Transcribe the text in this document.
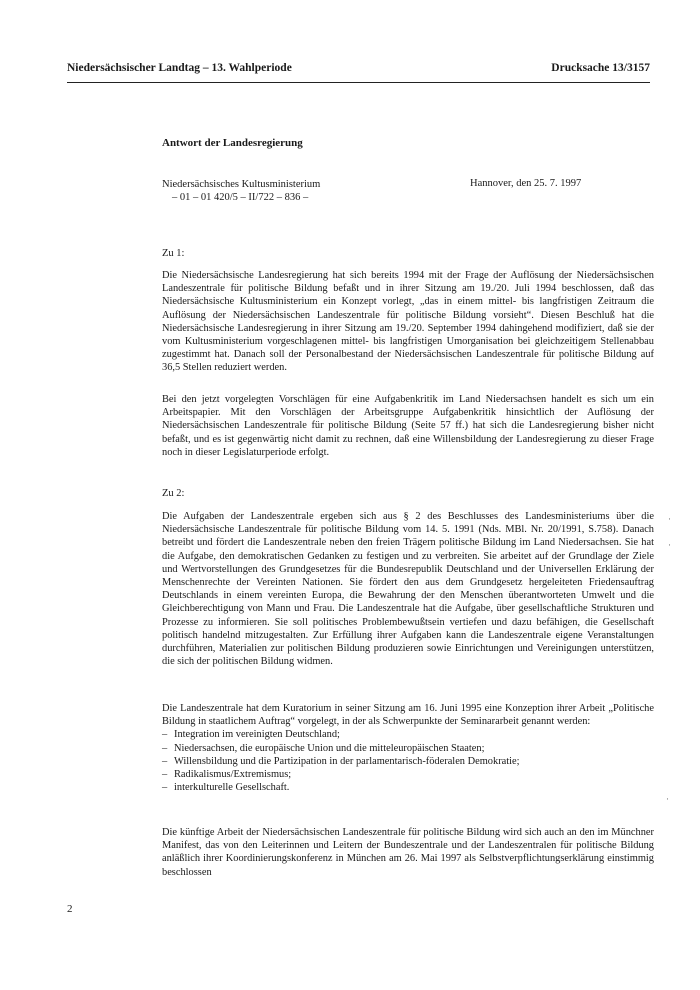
Niedersächsischer Landtag – 13. Wahlperiode	Drucksache 13/3157
Antwort der Landesregierung
Niedersächsisches Kultusministerium
– 01 – 01 420/5 – II/722 – 836 –
Hannover, den 25. 7. 1997
Zu 1:

Die Niedersächsische Landesregierung hat sich bereits 1994 mit der Frage der Auflösung der Niedersächsischen Landeszentrale für politische Bildung befaßt und in ihrer Sitzung am 19./20. Juli 1994 beschlossen, daß das Niedersächsische Kultusministerium ein Konzept vorlegt, „das in einem mittel- bis langfristigen Zeitraum die Auflösung der Niedersächsischen Landeszentrale für politische Bildung vorsieht“. Diesen Beschluß hat die Niedersächsische Landesregierung in ihrer Sitzung am 19./20. September 1994 dahingehend modifiziert, daß sie der vom Kultusministerium vorgeschlagenen mittel- bis langfristigen Umorganisation bei gleichzeitigem Stellenabbau zugestimmt hat. Danach soll der Personalbestand der Niedersächsischen Landeszentrale für politische Bildung auf 36,5 Stellen reduziert werden.

Bei den jetzt vorgelegten Vorschlägen für eine Aufgabenkritik im Land Niedersachsen handelt es sich um ein Arbeitspapier. Mit den Vorschlägen der Arbeitsgruppe Aufgabenkritik hinsichtlich der Auflösung der Niedersächsischen Landeszentrale für politische Bildung (Seite 57 ff.) hat sich die Landesregierung bisher nicht befaßt, und es ist gegenwärtig nicht damit zu rechnen, daß eine Willensbildung der Landesregierung zu dieser Frage noch in dieser Legislaturperiode erfolgt.

Zu 2:

Die Aufgaben der Landeszentrale ergeben sich aus § 2 des Beschlusses des Landesministeriums über die Niedersächsische Landeszentrale für politische Bildung vom 14. 5. 1991 (Nds. MBl. Nr. 20/1991, S.758). Danach betreibt und fördert die Landeszentrale neben den freien Trägern politische Bildung im Land Niedersachsen. Sie hat die Aufgabe, den demokratischen Gedanken zu festigen und zu verbreiten. Sie arbeitet auf der Grundlage der Ziele und Wertvorstellungen des Grundgesetzes für die Bundesrepublik Deutschland und der Universellen Erklärung der Menschenrechte der Vereinten Nationen. Sie fördert den aus dem Grundgesetz hergeleiteten Friedensauftrag Deutschlands in einem vereinten Europa, die Bewahrung der den Menschen überantworteten Umwelt und die Gleichberechtigung von Mann und Frau. Die Landeszentrale hat die Aufgabe, über gesellschaftliche Strukturen und Prozesse zu informieren. Sie soll politisches Problembewußtsein vertiefen und dazu befähigen, die Gesellschaft politisch handelnd mitzugestalten. Zur Erfüllung ihrer Aufgaben kann die Landeszentrale eigene Veranstaltungen durchführen, Materialien zur politischen Bildung produzieren sowie Einrichtungen und Vereinigungen unterstützen, die sich der politischen Bildung widmen.

Die Landeszentrale hat dem Kuratorium in seiner Sitzung am 16. Juni 1995 eine Konzeption ihrer Arbeit „Politische Bildung in staatlichem Auftrag“ vorgelegt, in der als Schwerpunkte der Seminararbeit genannt werden:

– Integration im vereinigten Deutschland;
– Niedersachsen, die europäische Union und die mitteleuropäischen Staaten;
– Willensbildung und die Partizipation in der parlamentarisch-föderalen Demokratie;
– Radikalismus/Extremismus;
– interkulturelle Gesellschaft.

Die künftige Arbeit der Niedersächsischen Landeszentrale für politische Bildung wird sich auch an den im Münchner Manifest, das von den Leiterinnen und Leitern der Bundeszentrale und der Landeszentralen für politische Bildung anläßlich ihrer Koordinierungskonferenz in München am 26. Mai 1997 als Selbstverpflichtungserklärung einstimmig beschlossen

2
·
·
·
